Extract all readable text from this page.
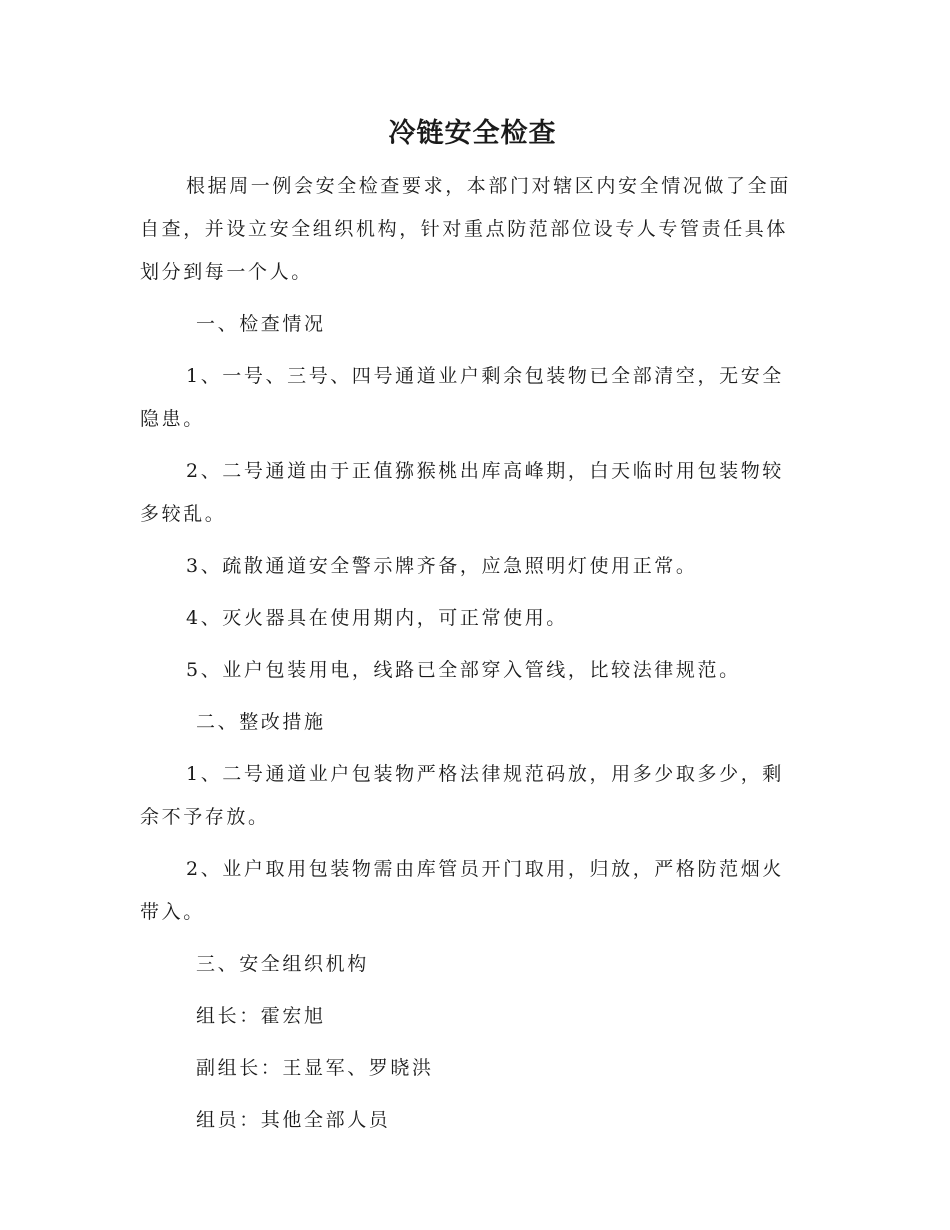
冷链安全检查

根据周一例会安全检查要求，本部门对辖区内安全情况做了全面自查，并设立安全组织机构，针对重点防范部位设专人专管责任具体划分到每一个人。

一、检查情况

1、一号、三号、四号通道业户剩余包装物已全部清空，无安全隐患。

2、二号通道由于正值猕猴桃出库高峰期，白天临时用包装物较多较乱。

3、疏散通道安全警示牌齐备，应急照明灯使用正常。

4、灭火器具在使用期内，可正常使用。

5、业户包装用电，线路已全部穿入管线，比较法律规范。

二、整改措施

1、二号通道业户包装物严格法律规范码放，用多少取多少，剩余不予存放。

2、业户取用包装物需由库管员开门取用，归放，严格防范烟火带入。

三、安全组织机构

组长：霍宏旭

副组长：王显军、罗晓洪

组员：其他全部人员
